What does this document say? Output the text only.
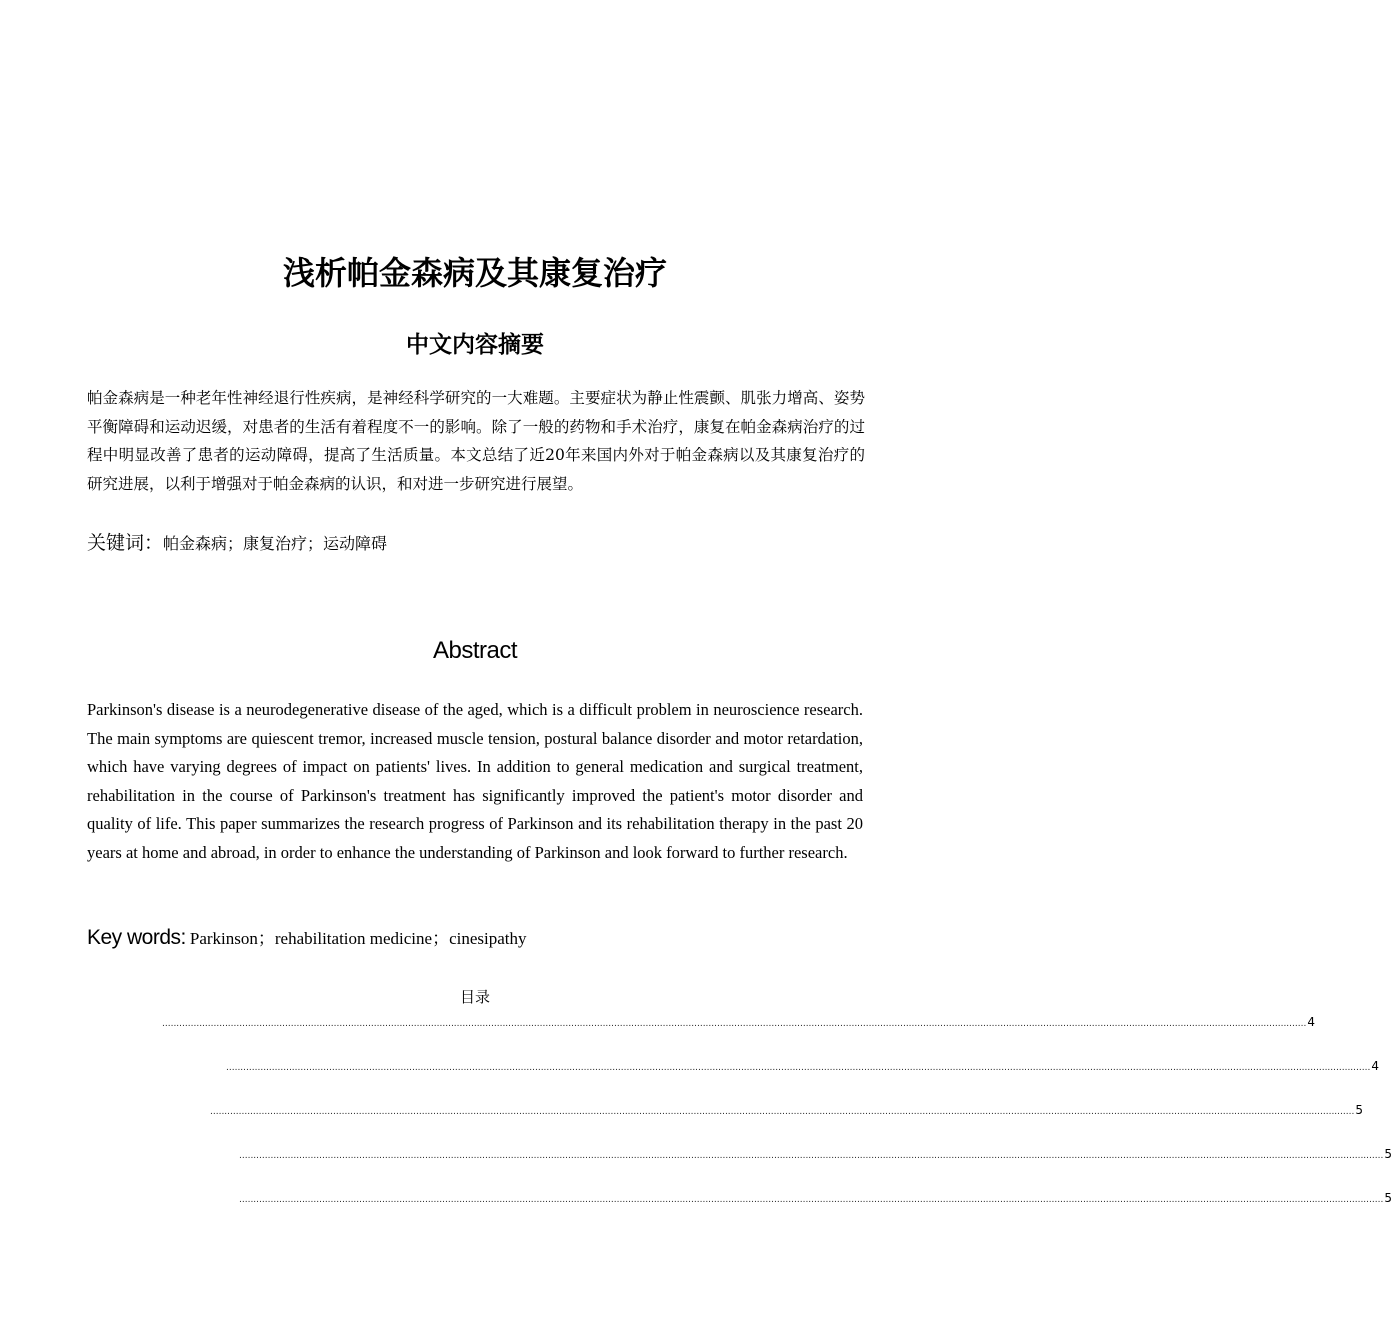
浅析帕金森病及其康复治疗
中文内容摘要
帕金森病是一种老年性神经退行性疾病，是神经科学研究的一大难题。主要症状为静止性震颤、肌张力增高、姿势平衡障碍和运动迟缓，对患者的生活有着程度不一的影响。除了一般的药物和手术治疗，康复在帕金森病治疗的过程中明显改善了患者的运动障碍，提高了生活质量。本文总结了近20年来国内外对于帕金森病以及其康复治疗的研究进展，以利于增强对于帕金森病的认识，和对进一步研究进行展望。
关键词：帕金森病；康复治疗；运动障碍
Abstract
Parkinson's disease is a neurodegenerative disease of the aged, which is a difficult problem in neuroscience research. The main symptoms are quiescent tremor, increased muscle tension, postural balance disorder and motor retardation, which have varying degrees of impact on patients' lives. In addition to general medication and surgical treatment, rehabilitation in the course of Parkinson's treatment has significantly improved the patient's motor disorder and quality of life. This paper summarizes the research progress of Parkinson and its rehabilitation therapy in the past 20 years at home and abroad, in order to enhance the understanding of Parkinson and look forward to further research.
Key words: Parkinson；rehabilitation medicine；cinesipathy
目录
................................................................................................................................................................................................................................................................................................................................................................................................................ 4
................................................................................................................................................................................................................................................................................................................................................................................................................ 4
................................................................................................................................................................................................................................................................................................................................................................................................................ 5
................................................................................................................................................................................................................................................................................................................................................................................................................ 5
................................................................................................................................................................................................................................................................................................................................................................................................................ 5
